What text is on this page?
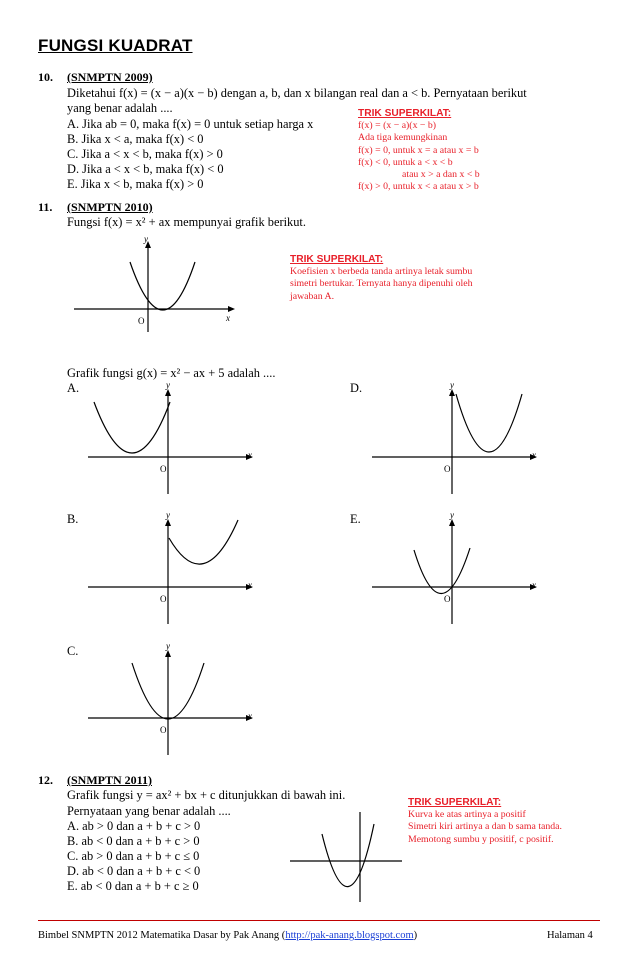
FUNGSI KUADRAT
10. (SNMPTN 2009)
Diketahui f(x) = (x − a)(x − b) dengan a, b, dan x bilangan real dan a < b. Pernyataan berikut
yang benar adalah ....
A. Jika ab = 0, maka f(x) = 0 untuk setiap harga x
B. Jika x < a, maka f(x) < 0
C. Jika a < x < b, maka f(x) > 0
D. Jika a < x < b, maka f(x) < 0
E. Jika x < b, maka f(x) > 0
TRIK SUPERKILAT:
f(x) = (x − a)(x − b)
Ada tiga kemungkinan
f(x) = 0, untuk x = a atau x = b
f(x) < 0, untuk a < x < b
atau x > a dan x < b
f(x) > 0, untuk x < a atau x > b
11. (SNMPTN 2010)
Fungsi f(x) = x² + ax mempunyai grafik berikut.
y
x
O
TRIK SUPERKILAT:
Koefisien x berbeda tanda artinya letak sumbu
simetri bertukar. Ternyata hanya dipenuhi oleh
jawaban A.
Grafik fungsi g(x) = x² − ax + 5 adalah ....
A.	y
x
O
D.	y
x
O
B.	y
x
O
E.	y
x
O
C.	y
x
O
12. (SNMPTN 2011)
Grafik fungsi y = ax² + bx + c ditunjukkan di bawah ini.
Pernyataan yang benar adalah ....
A. ab > 0 dan a + b + c > 0
B. ab < 0 dan a + b + c > 0
C. ab > 0 dan a + b + c ≤ 0
D. ab < 0 dan a + b + c < 0
E. ab < 0 dan a + b + c ≥ 0
TRIK SUPERKILAT:
Kurva ke atas artinya a positif
Simetri kiri artinya a dan b sama tanda.
Memotong sumbu y positif, c positif.
Bimbel SNMPTN 2012 Matematika Dasar by Pak Anang (http://pak-anang.blogspot.com)	Halaman 4
